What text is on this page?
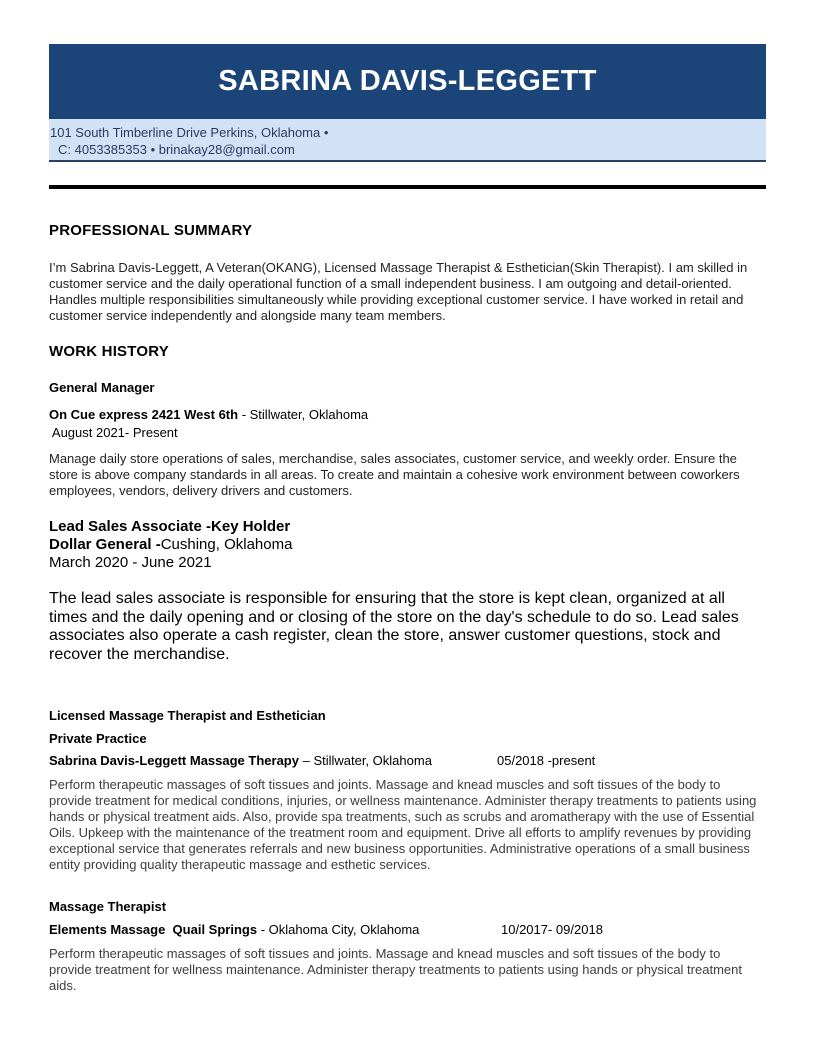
SABRINA DAVIS-LEGGETT
101 South Timberline Drive Perkins, Oklahoma •
C: 4053385353 • brinakay28@gmail.com
PROFESSIONAL SUMMARY
I’m Sabrina Davis-Leggett, A Veteran(OKANG), Licensed Massage Therapist & Esthetician(Skin Therapist). I am skilled in customer service and the daily operational function of a small independent business. I am outgoing and detail-oriented. Handles multiple responsibilities simultaneously while providing exceptional customer service. I have worked in retail and customer service independently and alongside many team members.
WORK HISTORY
General Manager
On Cue express 2421 West 6th - Stillwater, Oklahoma
August 2021- Present
Manage daily store operations of sales, merchandise, sales associates, customer service, and weekly order. Ensure the store is above company standards in all areas. To create and maintain a cohesive work environment between coworkers employees, vendors, delivery drivers and customers.
Lead Sales Associate -Key Holder
Dollar General -Cushing, Oklahoma
March 2020 - June 2021
The lead sales associate is responsible for ensuring that the store is kept clean, organized at all times and the daily opening and or closing of the store on the day's schedule to do so. Lead sales associates also operate a cash register, clean the store, answer customer questions, stock and recover the merchandise.
Licensed Massage Therapist and Esthetician
Private Practice
Sabrina Davis-Leggett Massage Therapy – Stillwater, Oklahoma	05/2018 -present
Perform therapeutic massages of soft tissues and joints. Massage and knead muscles and soft tissues of the body to provide treatment for medical conditions, injuries, or wellness maintenance. Administer therapy treatments to patients using hands or physical treatment aids. Also, provide spa treatments, such as scrubs and aromatherapy with the use of Essential Oils. Upkeep with the maintenance of the treatment room and equipment. Drive all efforts to amplify revenues by providing exceptional service that generates referrals and new business opportunities. Administrative operations of a small business entity providing quality therapeutic massage and esthetic services.
Massage Therapist
Elements Massage  Quail Springs - Oklahoma City, Oklahoma	10/2017- 09/2018
Perform therapeutic massages of soft tissues and joints. Massage and knead muscles and soft tissues of the body to provide treatment for wellness maintenance. Administer therapy treatments to patients using hands or physical treatment aids.
